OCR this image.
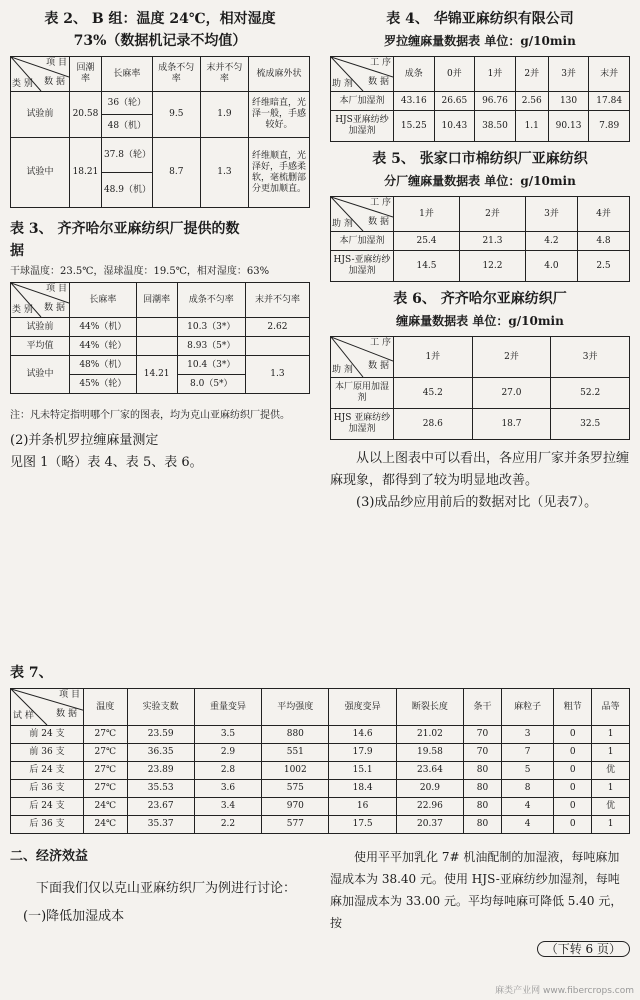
表 2、 B 组：温度 24℃，相对湿度

73%（数据机记录不均值）

项 目
数 据
类 别	回潮率	长麻率	成条不匀率	末并不匀率	梳成麻外状
试验前	20.58	36（轮）	9.5	1.9	纤维暗直，光泽一般，手感较好。
		48（机）			
试验中	18.21	37.8（轮）	8.7	1.3	纤维顺直，光泽好，手感柔软，毫梳删部分更加顺直。
		48.9（机）			

表 3、 齐齐哈尔亚麻纺织厂提供的数

据

干球温度：23.5℃，湿球温度：19.5℃，相对湿度：63%

项 目
数 据
类 别	长麻率	回潮率	成条不匀率	末并不匀率
试验前	44%（机）		10.3（3*）	2.62
平均值	44%（轮）		8.93（5*）	
试验中	48%（机）	14.21	10.4（3*）	1.3
	45%（轮）		8.0（5*）	

注：凡未特定指明哪个厂家的图表，均为克山亚麻纺织厂提供。

(2)并条机罗拉缠麻量测定

见图 1（略）表 4、表 5、表 6。

表 4、 华锦亚麻纺织有限公司

罗拉缠麻量数据表 单位：g/10min

工 序
数 据
助 剂	成条	0并	1并	2并	3并	末并
本厂加湿剂	43.16	26.65	96.76	2.56	130	17.84
HJS亚麻纺纱加湿剂	15.25	10.43	38.50	1.1	90.13	7.89

表 5、 张家口市棉纺织厂亚麻纺织

分厂缠麻量数据表 单位：g/10min

工 序
数 据
助 剂	1并	2并	3并	4并
本厂加湿剂	25.4	21.3	4.2	4.8
HJS-亚麻纺纱加湿剂	14.5	12.2	4.0	2.5

表 6、 齐齐哈尔亚麻纺织厂

缠麻量数据表 单位：g/10min

工 序
数 据
助 剂	1并	2并	3并
本厂原用加湿剂	45.2	27.0	52.2
HJS 亚麻纺纱加湿剂	28.6	18.7	32.5

从以上图表中可以看出，各应用厂家并条罗拉缠麻现象，都得到了较为明显地改善。

(3)成品纱应用前后的数据对比（见表7）。

表 7、

项 目
数 据
试 样	温度	实验支数	重量变异	平均强度	强度变异	断裂长度	条干	麻粒子	粗节	品等
前 24 支	27℃	23.59	3.5	880	14.6	21.02	70	3	0	1
前 36 支	27℃	36.35	2.9	551	17.9	19.58	70	7	0	1
后 24 支	27℃	23.89	2.8	1002	15.1	23.64	80	5	0	优
后 36 支	27℃	35.53	3.6	575	18.4	20.9	80	8	0	1
后 24 支	24℃	23.67	3.4	970	16	22.96	80	4	0	优
后 36 支	24℃	35.37	2.2	577	17.5	20.37	80	4	0	1

二、经济效益

下面我们仅以克山亚麻纺织厂为例进行讨论：

(一)降低加湿成本

使用平平加乳化 7# 机油配制的加湿液，每吨麻加湿成本为 38.40 元。使用 HJS-亚麻纺纱加湿剂，每吨麻加湿成本为 33.00 元。平均每吨麻可降低 5.40 元，按

（下转 6 页）
麻类产业网 www.fibercrops.com
